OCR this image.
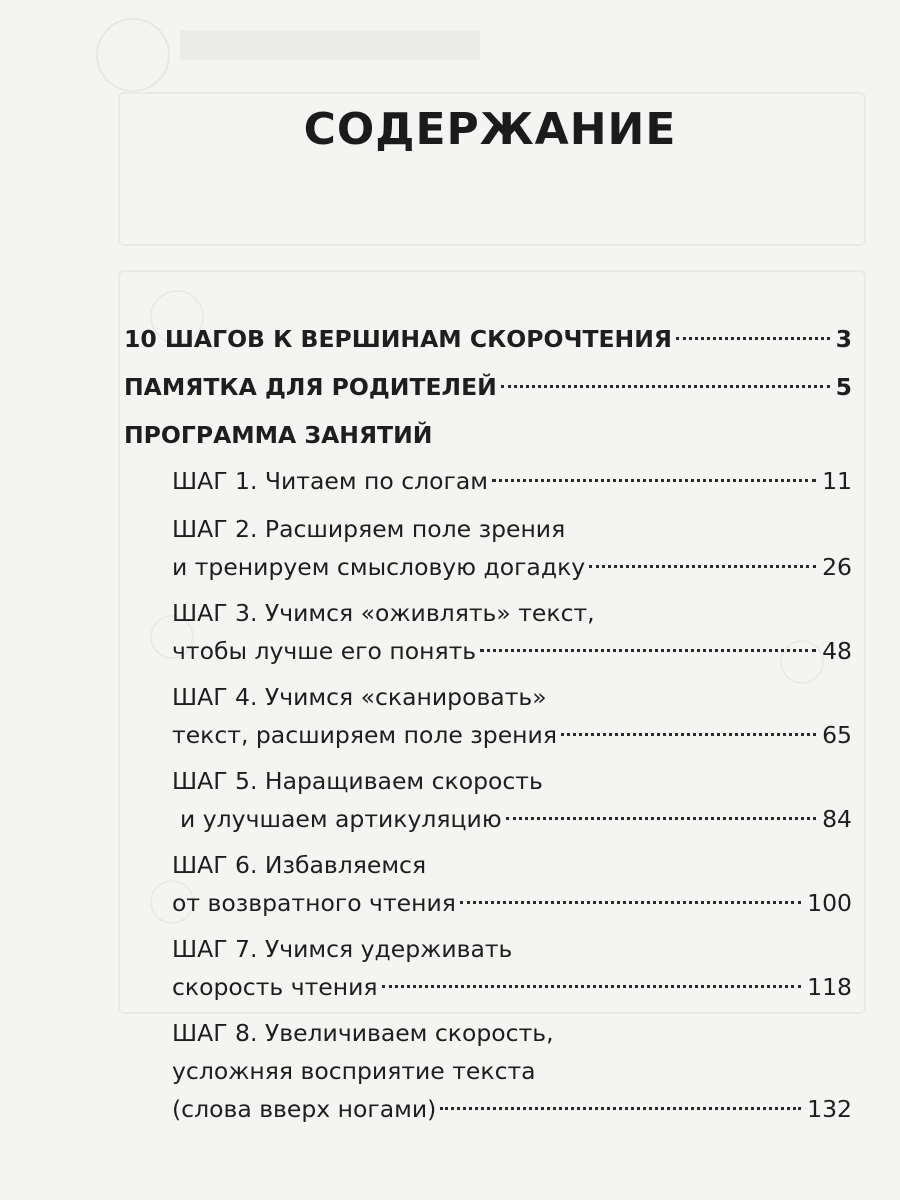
СОДЕРЖАНИЕ
10 ШАГОВ К ВЕРШИНАМ СКОРОЧТЕНИЯ	3
ПАМЯТКА ДЛЯ РОДИТЕЛЕЙ	5
ПРОГРАММА ЗАНЯТИЙ
ШАГ 1. Читаем по слогам	11
ШАГ 2. Расширяем поле зрения
и тренируем смысловую догадку	26
ШАГ 3. Учимся «оживлять» текст,
чтобы лучше его понять	48
ШАГ 4. Учимся «сканировать»
текст, расширяем поле зрения	65
ШАГ 5. Наращиваем скорость
и улучшаем артикуляцию	84
ШАГ 6. Избавляемся
от возвратного чтения	100
ШАГ 7. Учимся удерживать
скорость чтения	118
ШАГ 8. Увеличиваем скорость,
усложняя восприятие текста
(слова вверх ногами)	132
